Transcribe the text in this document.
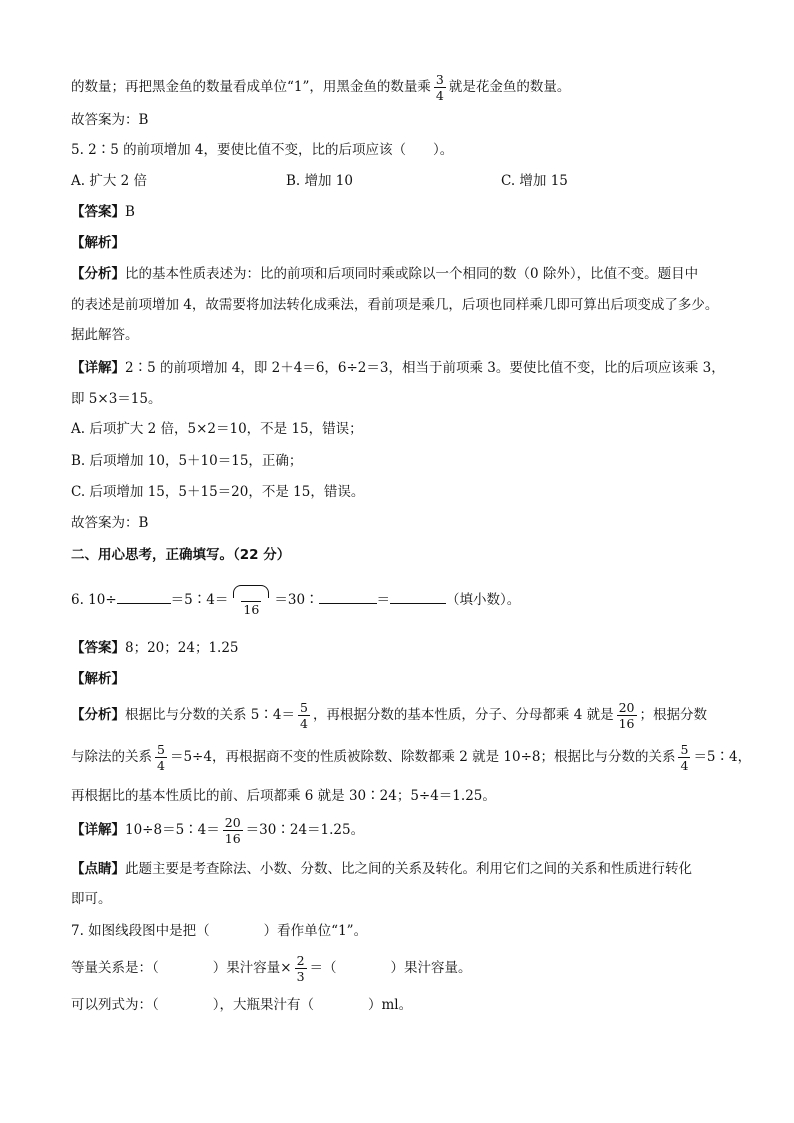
的数量；再把黑金鱼的数量看成单位“1”，用黑金鱼的数量乘 $\frac{3}{4}$ 就是花金鱼的数量。
故答案为：B
5. 2∶5 的前项增加 4，要使比值不变，比的后项应该（　　）。
A. 扩大 2 倍	B. 增加 10	C. 增加 15
【答案】B
【解析】
【分析】比的基本性质表述为：比的前项和后项同时乘或除以一个相同的数（0 除外），比值不变。题目中
的表述是前项增加 4，故需要将加法转化成乘法，看前项是乘几，后项也同样乘几即可算出后项变成了多少。
据此解答。
【详解】2∶5 的前项增加 4，即 2＋4＝6，6÷2＝3，相当于前项乘 3。要使比值不变，比的后项应该乘 3，
即 5×3＝15。
A. 后项扩大 2 倍，5×2＝10，不是 15，错误；
B. 后项增加 10，5＋10＝15，正确；
C. 后项增加 15，5＋15＝20，不是 15，错误。
故答案为：B
二、用心思考，正确填写。（22 分）
6. 10÷	＝5∶4＝
16
＝30∶	＝	（填小数）。
【答案】8；20；24；1.25
【解析】
【分析】根据比与分数的关系 5∶4＝ $\frac{5}{4}$ ，再根据分数的基本性质，分子、分母都乘 4 就是 $\frac{20}{16}$ ；根据分数
与除法的关系 $\frac{5}{4} =5\div 4$，再根据商不变的性质被除数、除数都乘 2 就是 10÷8；根据比与分数的关系 $\frac{5}{4}$ ＝5∶4，
再根据比的基本性质比的前、后项都乘 6 就是 30∶24；5÷4＝1.25。
【详解】10÷8＝5∶4＝ $\frac{20}{16}$ ＝30∶24＝1.25。
【点睛】此题主要是考查除法、小数、分数、比之间的关系及转化。利用它们之间的关系和性质进行转化
即可。
7. 如图线段图中是把（　　　　）看作单位“1”。
等量关系是：（　　　　）果汁容量× $\frac{2}{3}$ ＝（　　　　）果汁容量。
可以列式为：（　　　　），大瓶果汁有（　　　　）ml。
